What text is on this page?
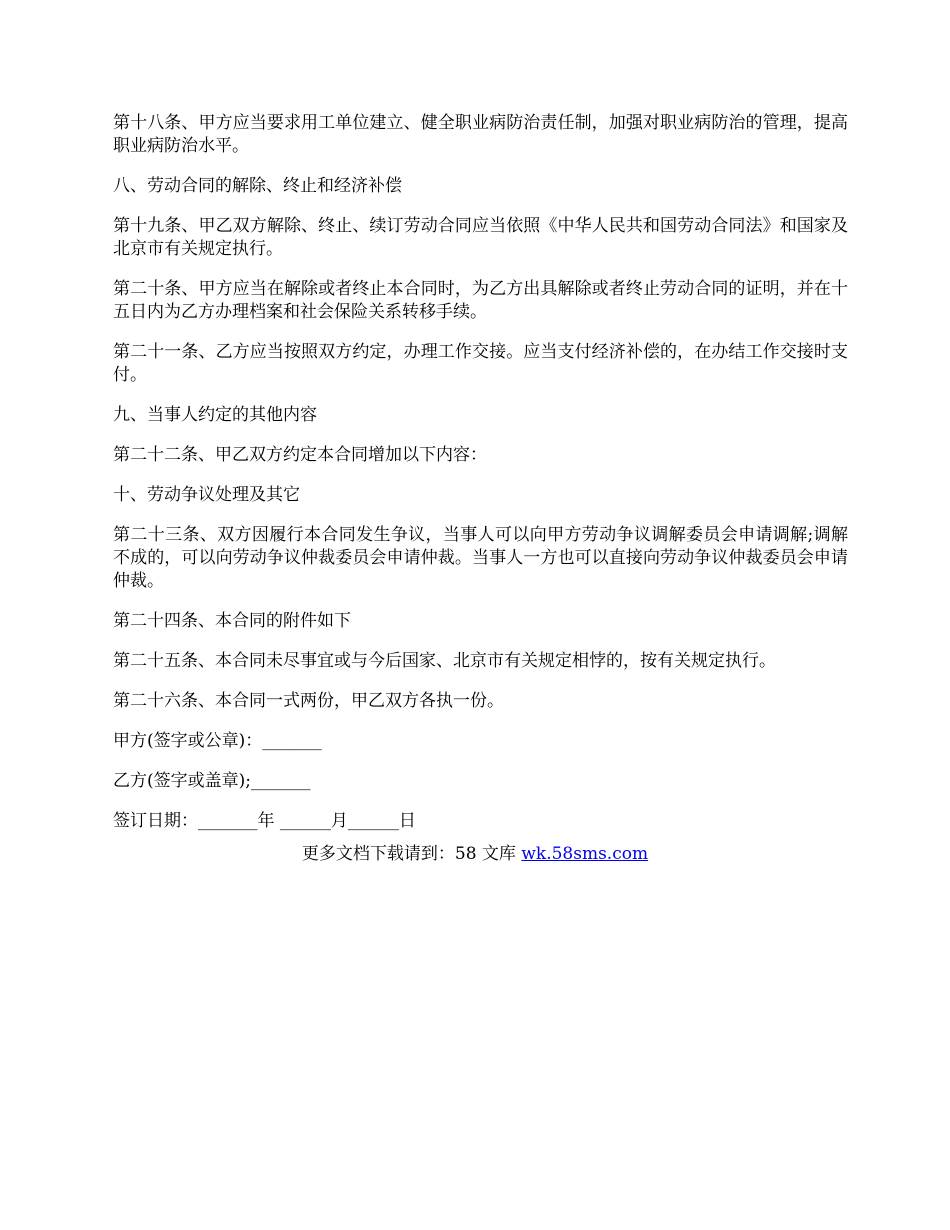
第十八条、甲方应当要求用工单位建立、健全职业病防治责任制，加强对职业病防治的管理，提高职业病防治水平。

八、劳动合同的解除、终止和经济补偿

第十九条、甲乙双方解除、终止、续订劳动合同应当依照《中华人民共和国劳动合同法》和国家及北京市有关规定执行。

第二十条、甲方应当在解除或者终止本合同时，为乙方出具解除或者终止劳动合同的证明，并在十五日内为乙方办理档案和社会保险关系转移手续。

第二十一条、乙方应当按照双方约定，办理工作交接。应当支付经济补偿的，在办结工作交接时支付。

九、当事人约定的其他内容

第二十二条、甲乙双方约定本合同增加以下内容：

十、劳动争议处理及其它

第二十三条、双方因履行本合同发生争议，当事人可以向甲方劳动争议调解委员会申请调解;调解不成的，可以向劳动争议仲裁委员会申请仲裁。当事人一方也可以直接向劳动争议仲裁委员会申请仲裁。

第二十四条、本合同的附件如下

第二十五条、本合同未尽事宜或与今后国家、北京市有关规定相悖的，按有关规定执行。

第二十六条、本合同一式两份，甲乙双方各执一份。

甲方(签字或公章)：_______

乙方(签字或盖章);_______

签订日期：_______年 ______月______日

更多文档下载请到：58 文库 wk.58sms.com
